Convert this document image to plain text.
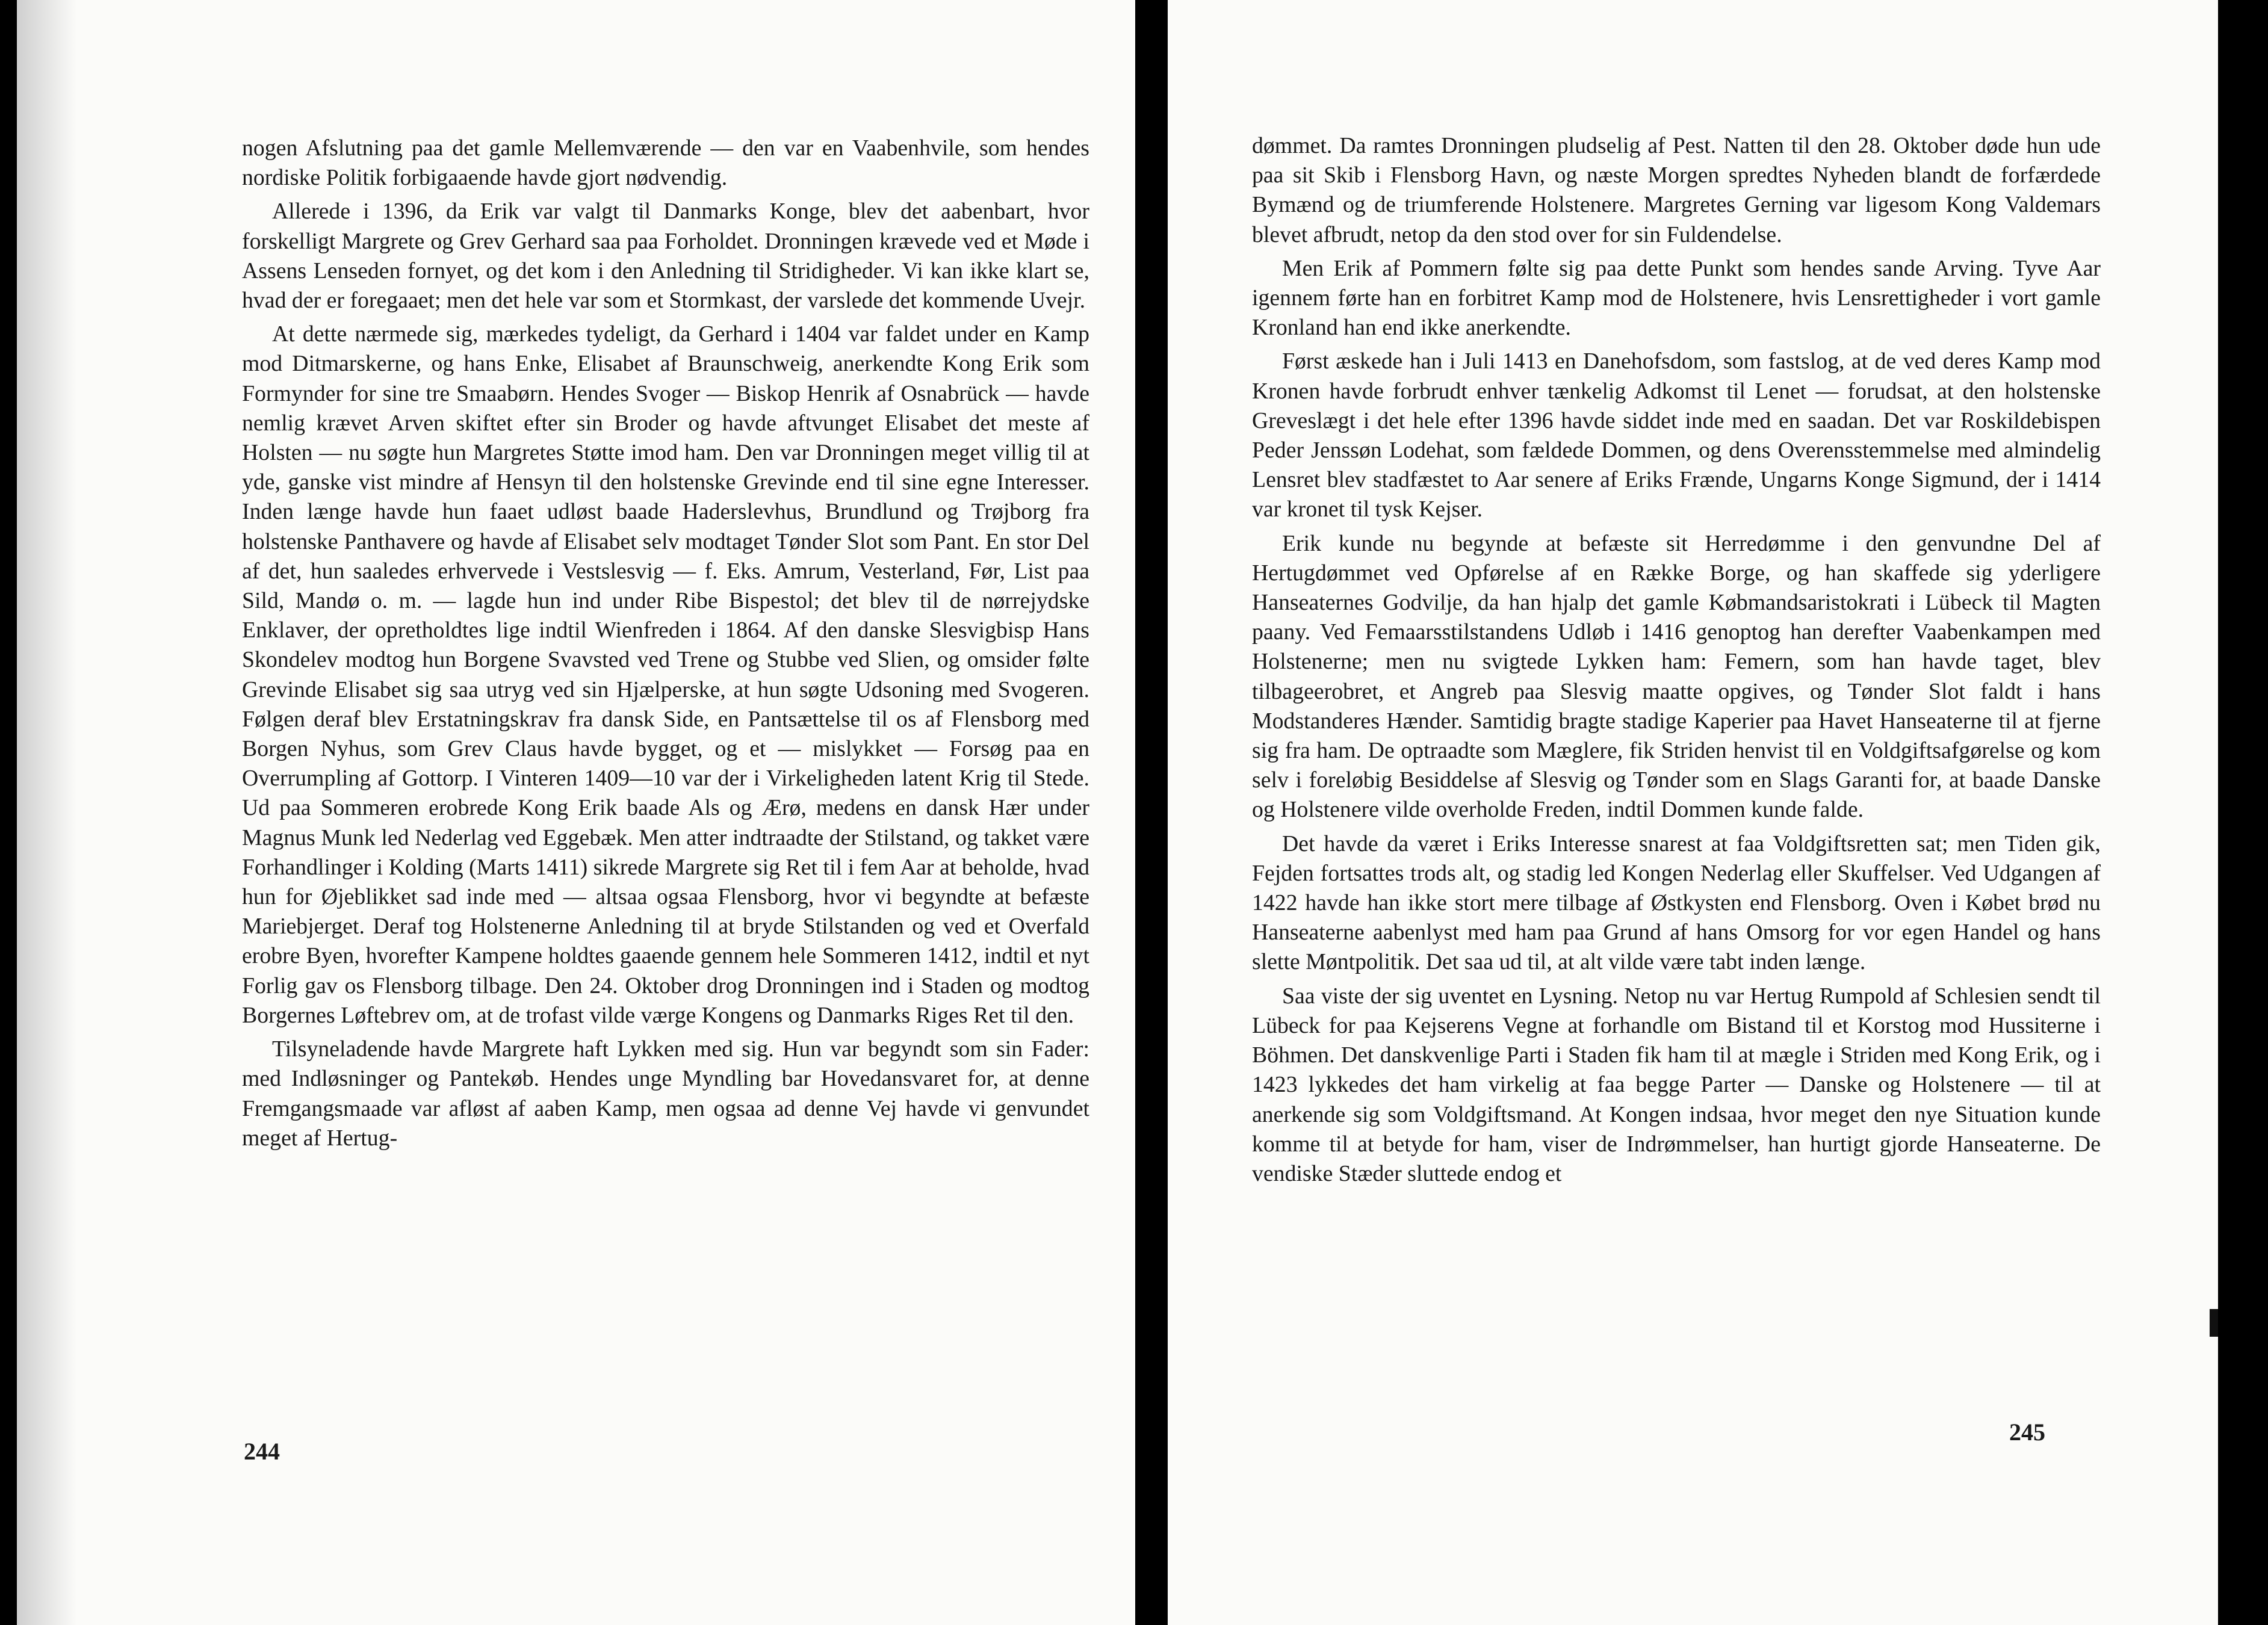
nogen Afslutning paa det gamle Mellemværende — den var en Vaabenhvile, som hendes nordiske Politik forbigaaende havde gjort nødvendig.

Allerede i 1396, da Erik var valgt til Danmarks Konge, blev det aabenbart, hvor forskelligt Margrete og Grev Gerhard saa paa Forholdet. Dronningen krævede ved et Møde i Assens Lenseden fornyet, og det kom i den Anledning til Stridigheder. Vi kan ikke klart se, hvad der er foregaaet; men det hele var som et Stormkast, der varslede det kommende Uvejr.

At dette nærmede sig, mærkedes tydeligt, da Gerhard i 1404 var faldet under en Kamp mod Ditmarskerne, og hans Enke, Elisabet af Braunschweig, anerkendte Kong Erik som Formynder for sine tre Smaabørn. Hendes Svoger — Biskop Henrik af Osnabrück — havde nemlig krævet Arven skiftet efter sin Broder og havde aftvunget Elisabet det meste af Holsten — nu søgte hun Margretes Støtte imod ham. Den var Dronningen meget villig til at yde, ganske vist mindre af Hensyn til den holstenske Grevinde end til sine egne Interesser. Inden længe havde hun faaet udløst baade Haderslevhus, Brundlund og Trøjborg fra holstenske Panthavere og havde af Elisabet selv modtaget Tønder Slot som Pant. En stor Del af det, hun saaledes erhvervede i Vestslesvig — f. Eks. Amrum, Vesterland, Før, List paa Sild, Mandø o. m. — lagde hun ind under Ribe Bispestol; det blev til de nørrejydske Enklaver, der opretholdtes lige indtil Wienfreden i 1864. Af den danske Slesvigbisp Hans Skondelev modtog hun Borgene Svavsted ved Trene og Stubbe ved Slien, og omsider følte Grevinde Elisabet sig saa utryg ved sin Hjælperske, at hun søgte Udsoning med Svogeren. Følgen deraf blev Erstatningskrav fra dansk Side, en Pantsættelse til os af Flensborg med Borgen Nyhus, som Grev Claus havde bygget, og et — mislykket — Forsøg paa en Overrumpling af Gottorp. I Vinteren 1409—10 var der i Virkeligheden latent Krig til Stede. Ud paa Sommeren erobrede Kong Erik baade Als og Ærø, medens en dansk Hær under Magnus Munk led Nederlag ved Eggebæk. Men atter indtraadte der Stilstand, og takket være Forhandlinger i Kolding (Marts 1411) sikrede Margrete sig Ret til i fem Aar at beholde, hvad hun for Øjeblikket sad inde med — altsaa ogsaa Flensborg, hvor vi begyndte at befæste Mariebjerget. Deraf tog Holstenerne Anledning til at bryde Stilstanden og ved et Overfald erobre Byen, hvorefter Kampene holdtes gaaende gennem hele Sommeren 1412, indtil et nyt Forlig gav os Flensborg tilbage. Den 24. Oktober drog Dronningen ind i Staden og modtog Borgernes Løftebrev om, at de trofast vilde værge Kongens og Danmarks Riges Ret til den.

Tilsyneladende havde Margrete haft Lykken med sig. Hun var begyndt som sin Fader: med Indløsninger og Pantekøb. Hendes unge Myndling bar Hovedansvaret for, at denne Fremgangsmaade var afløst af aaben Kamp, men ogsaa ad denne Vej havde vi genvundet meget af Hertug-

244

dømmet. Da ramtes Dronningen pludselig af Pest. Natten til den 28. Oktober døde hun ude paa sit Skib i Flensborg Havn, og næste Morgen spredtes Nyheden blandt de forfærdede Bymænd og de triumferende Holstenere. Margretes Gerning var ligesom Kong Valdemars blevet afbrudt, netop da den stod over for sin Fuldendelse.

Men Erik af Pommern følte sig paa dette Punkt som hendes sande Arving. Tyve Aar igennem førte han en forbitret Kamp mod de Holstenere, hvis Lensrettigheder i vort gamle Kronland han end ikke anerkendte.

Først æskede han i Juli 1413 en Danehofsdom, som fastslog, at de ved deres Kamp mod Kronen havde forbrudt enhver tænkelig Adkomst til Lenet — forudsat, at den holstenske Greveslægt i det hele efter 1396 havde siddet inde med en saadan. Det var Roskildebispen Peder Jenssøn Lodehat, som fældede Dommen, og dens Overensstemmelse med almindelig Lensret blev stadfæstet to Aar senere af Eriks Frænde, Ungarns Konge Sigmund, der i 1414 var kronet til tysk Kejser.

Erik kunde nu begynde at befæste sit Herredømme i den genvundne Del af Hertugdømmet ved Opførelse af en Række Borge, og han skaffede sig yderligere Hanseaternes Godvilje, da han hjalp det gamle Købmandsaristokrati i Lübeck til Magten paany. Ved Femaarsstilstandens Udløb i 1416 genoptog han derefter Vaabenkampen med Holstenerne; men nu svigtede Lykken ham: Femern, som han havde taget, blev tilbageerobret, et Angreb paa Slesvig maatte opgives, og Tønder Slot faldt i hans Modstanderes Hænder. Samtidig bragte stadige Kaperier paa Havet Hanseaterne til at fjerne sig fra ham. De optraadte som Mæglere, fik Striden henvist til en Voldgiftsafgørelse og kom selv i foreløbig Besiddelse af Slesvig og Tønder som en Slags Garanti for, at baade Danske og Holstenere vilde overholde Freden, indtil Dommen kunde falde.

Det havde da været i Eriks Interesse snarest at faa Voldgiftsretten sat; men Tiden gik, Fejden fortsattes trods alt, og stadig led Kongen Nederlag eller Skuffelser. Ved Udgangen af 1422 havde han ikke stort mere tilbage af Østkysten end Flensborg. Oven i Købet brød nu Hanseaterne aabenlyst med ham paa Grund af hans Omsorg for vor egen Handel og hans slette Møntpolitik. Det saa ud til, at alt vilde være tabt inden længe.

Saa viste der sig uventet en Lysning. Netop nu var Hertug Rumpold af Schlesien sendt til Lübeck for paa Kejserens Vegne at forhandle om Bistand til et Korstog mod Hussiterne i Böhmen. Det danskvenlige Parti i Staden fik ham til at mægle i Striden med Kong Erik, og i 1423 lykkedes det ham virkelig at faa begge Parter — Danske og Holstenere — til at anerkende sig som Voldgiftsmand. At Kongen indsaa, hvor meget den nye Situation kunde komme til at betyde for ham, viser de Indrømmelser, han hurtigt gjorde Hanseaterne. De vendiske Stæder sluttede endog et

245
